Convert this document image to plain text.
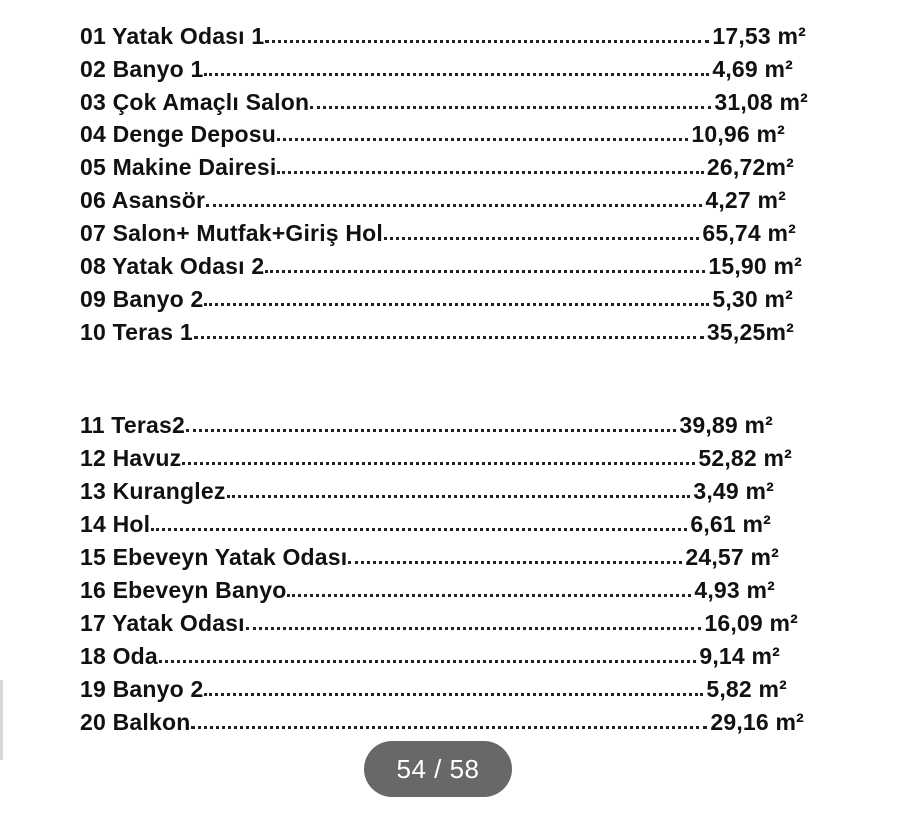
01 Yatak Odası 1	17,53 m²
02 Banyo 1	4,69 m²
03 Çok Amaçlı Salon	31,08 m²
04 Denge Deposu	10,96 m²
05 Makine Dairesi	26,72m²
06 Asansör	4,27 m²
07 Salon+ Mutfak+Giriş Hol	65,74 m²
08 Yatak Odası 2	15,90 m²
09 Banyo 2	5,30 m²
10 Teras 1	35,25m²
11 Teras2	39,89 m²
12 Havuz	52,82 m²
13 Kuranglez	3,49 m²
14 Hol	6,61 m²
15 Ebeveyn Yatak Odası	24,57 m²
16 Ebeveyn Banyo	4,93 m²
17 Yatak Odası	16,09 m²
18 Oda	9,14 m²
19 Banyo 2	5,82 m²
20 Balkon	29,16 m²
54 / 58
